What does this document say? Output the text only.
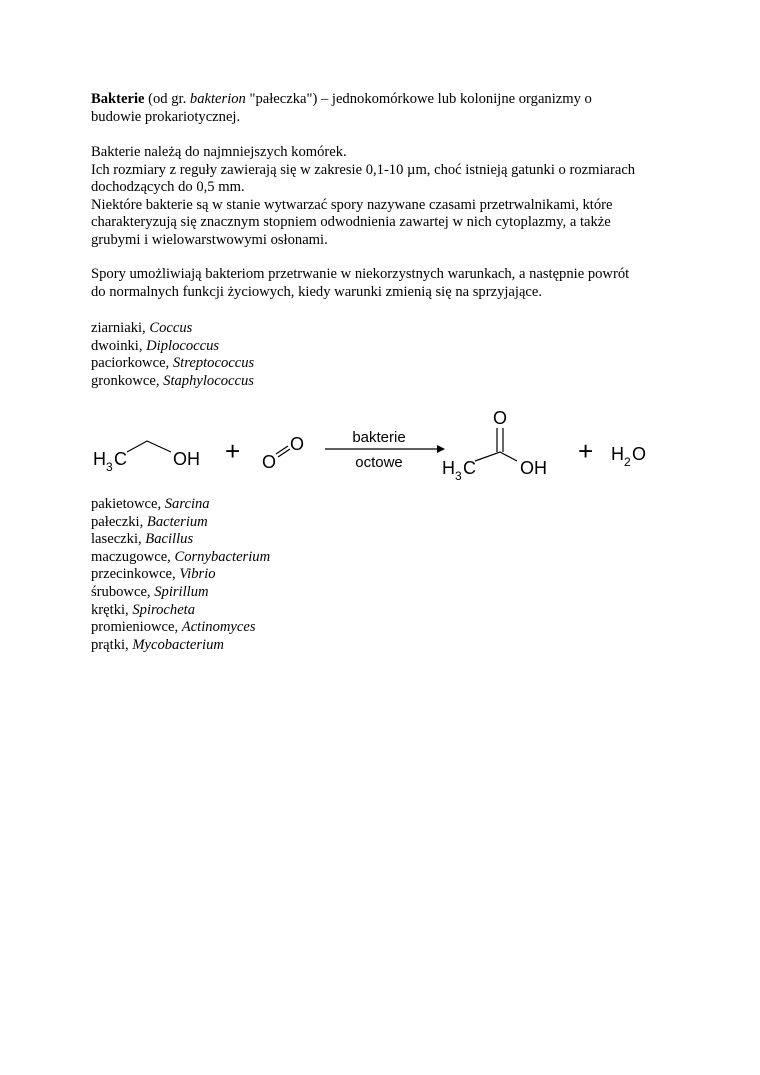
Bakterie (od gr. bakterion "pałeczka") – jednokomórkowe lub kolonijne organizmy o
budowie prokariotycznej.
Bakterie należą do najmniejszych komórek.
Ich rozmiary z reguły zawierają się w zakresie 0,1-10 µm, choć istnieją gatunki o rozmiarach
dochodzących do 0,5 mm.
Niektóre bakterie są w stanie wytwarzać spory nazywane czasami przetrwalnikami, które
charakteryzują się znacznym stopniem odwodnienia zawartej w nich cytoplazmy, a także
grubymi i wielowarstwowymi osłonami.
Spory umożliwiają bakteriom przetrwanie w niekorzystnych warunkach, a następnie powrót
do normalnych funkcji życiowych, kiedy warunki zmienią się na sprzyjające.
ziarniaki, Coccus
dwoinki, Diplococcus
paciorkowce, Streptococcus
gronkowce, Staphylococcus
H 3 C	OH + O
O	bakterie
octowe
O
H 3 C OH
+ H 2 O
pakietowce, Sarcina
pałeczki, Bacterium
laseczki, Bacillus
maczugowce, Cornybacterium
przecinkowce, Vibrio
śrubowce, Spirillum
krętki, Spirocheta
promieniowce, Actinomyces
prątki, Mycobacterium
